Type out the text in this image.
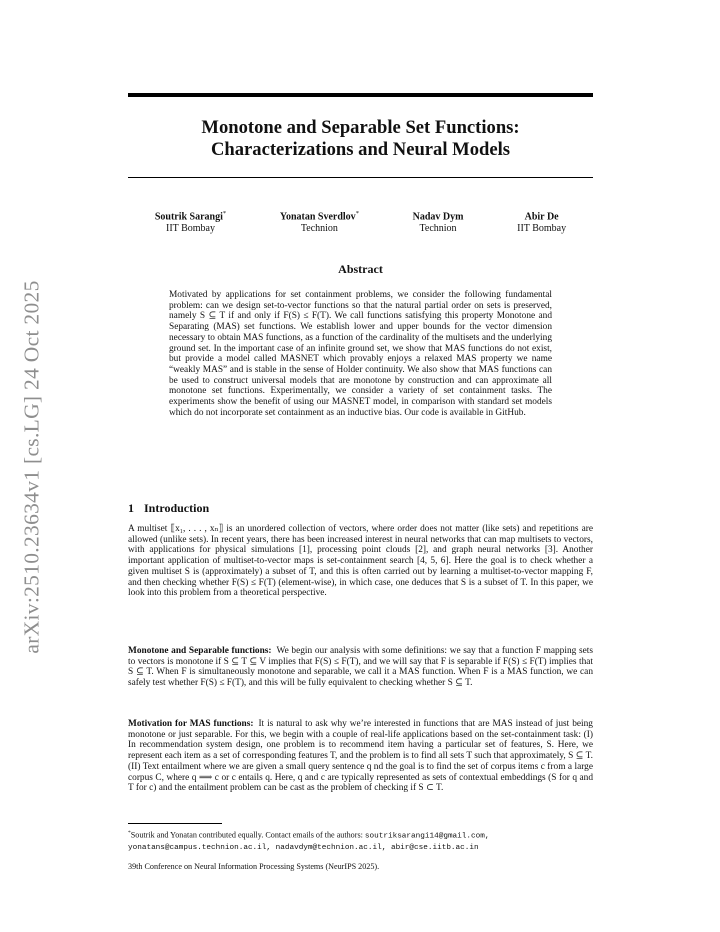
arXiv:2510.23634v1 [cs.LG] 24 Oct 2025
Monotone and Separable Set Functions:
Characterizations and Neural Models
Soutrik Sarangi*
IIT Bombay
Yonatan Sverdlov*
Technion
Nadav Dym
Technion
Abir De
IIT Bombay
Abstract

Motivated by applications for set containment problems, we consider the following fundamental problem: can we design set-to-vector functions so that the natural partial order on sets is preserved, namely S ⊆ T if and only if F(S) ≤ F(T). We call functions satisfying this property Monotone and Separating (MAS) set functions. We establish lower and upper bounds for the vector dimension necessary to obtain MAS functions, as a function of the cardinality of the multisets and the underlying ground set. In the important case of an infinite ground set, we show that MAS functions do not exist, but provide a model called MASNET which provably enjoys a relaxed MAS property we name “weakly MAS” and is stable in the sense of Holder continuity. We also show that MAS functions can be used to construct universal models that are monotone by construction and can approximate all monotone set functions. Experimentally, we consider a variety of set containment tasks. The experiments show the benefit of using our MASNET model, in comparison with standard set models which do not incorporate set containment as an inductive bias. Our code is available in GitHub.

1 Introduction

A multiset ⟦x₁, . . . , xₙ⟧ is an unordered collection of vectors, where order does not matter (like sets) and repetitions are allowed (unlike sets). In recent years, there has been increased interest in neural networks that can map multisets to vectors, with applications for physical simulations [1], processing point clouds [2], and graph neural networks [3]. Another important application of multiset-to-vector maps is set-containment search [4, 5, 6]. Here the goal is to check whether a given multiset S is (approximately) a subset of T, and this is often carried out by learning a multiset-to-vector mapping F, and then checking whether F(S) ≤ F(T) (element-wise), in which case, one deduces that S is a subset of T. In this paper, we look into this problem from a theoretical perspective.

Monotone and Separable functions: We begin our analysis with some definitions: we say that a function F mapping sets to vectors is monotone if S ⊆ T ⊆ V implies that F(S) ≤ F(T), and we will say that F is separable if F(S) ≤ F(T) implies that S ⊆ T. When F is simultaneously monotone and separable, we call it a MAS function. When F is a MAS function, we can safely test whether F(S) ≤ F(T), and this will be fully equivalent to checking whether S ⊆ T.

Motivation for MAS functions: It is natural to ask why we’re interested in functions that are MAS instead of just being monotone or just separable. For this, we begin with a couple of real-life applications based on the set-containment task: (I) In recommendation system design, one problem is to recommend item having a particular set of features, S. Here, we represent each item as a set of corresponding features T, and the problem is to find all sets T such that approximately, S ⊆ T. (II) Text entailment where we are given a small query sentence q nd the goal is to find the set of corpus items c from a large corpus C, where q ⟹ c or c entails q. Here, q and c are typically represented as sets of contextual embeddings (S for q and T for c) and the entailment problem can be cast as the problem of checking if S ⊂ T.

*Soutrik and Yonatan contributed equally. Contact emails of the authors: soutriksarangi14@gmail.com, yonatans@campus.technion.ac.il, nadavdym@technion.ac.il, abir@cse.iitb.ac.in

39th Conference on Neural Information Processing Systems (NeurIPS 2025).
